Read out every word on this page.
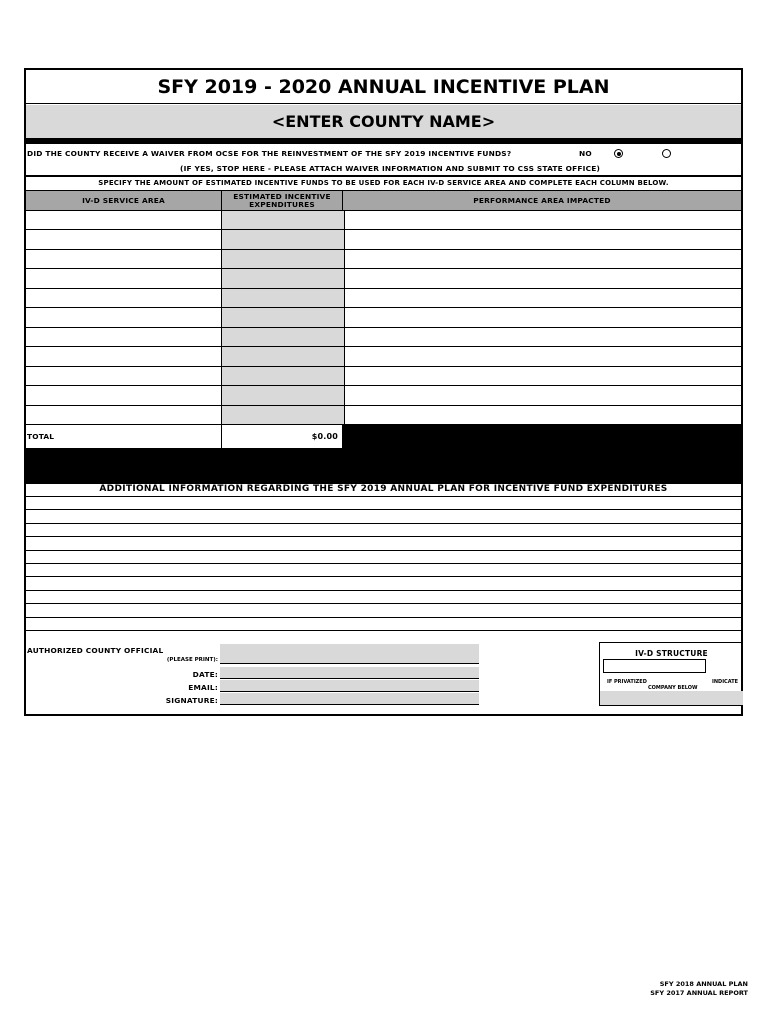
SFY 2019 - 2020 ANNUAL INCENTIVE PLAN
<ENTER COUNTY NAME>
DID THE COUNTY RECEIVE A WAIVER FROM OCSE FOR THE REINVESTMENT OF THE SFY 2019 INCENTIVE FUNDS?	NO
(IF YES, STOP HERE - PLEASE ATTACH WAIVER INFORMATION AND SUBMIT TO CSS STATE OFFICE)
SPECIFY THE AMOUNT OF ESTIMATED INCENTIVE FUNDS TO BE USED FOR EACH IV-D SERVICE AREA AND COMPLETE EACH COLUMN BELOW.
IV-D SERVICE AREA	ESTIMATED INCENTIVE EXPENDITURES	PERFORMANCE AREA IMPACTED
TOTAL	$0.00
ADDITIONAL INFORMATION REGARDING THE SFY 2019 ANNUAL PLAN FOR INCENTIVE FUND EXPENDITURES
AUTHORIZED COUNTY OFFICIAL
(PLEASE PRINT):
DATE:
EMAIL:
SIGNATURE:
IV-D STRUCTURE
IF PRIVATIZED	INDICATE
COMPANY BELOW
SFY 2018 ANNUAL PLAN
SFY 2017 ANNUAL REPORT
